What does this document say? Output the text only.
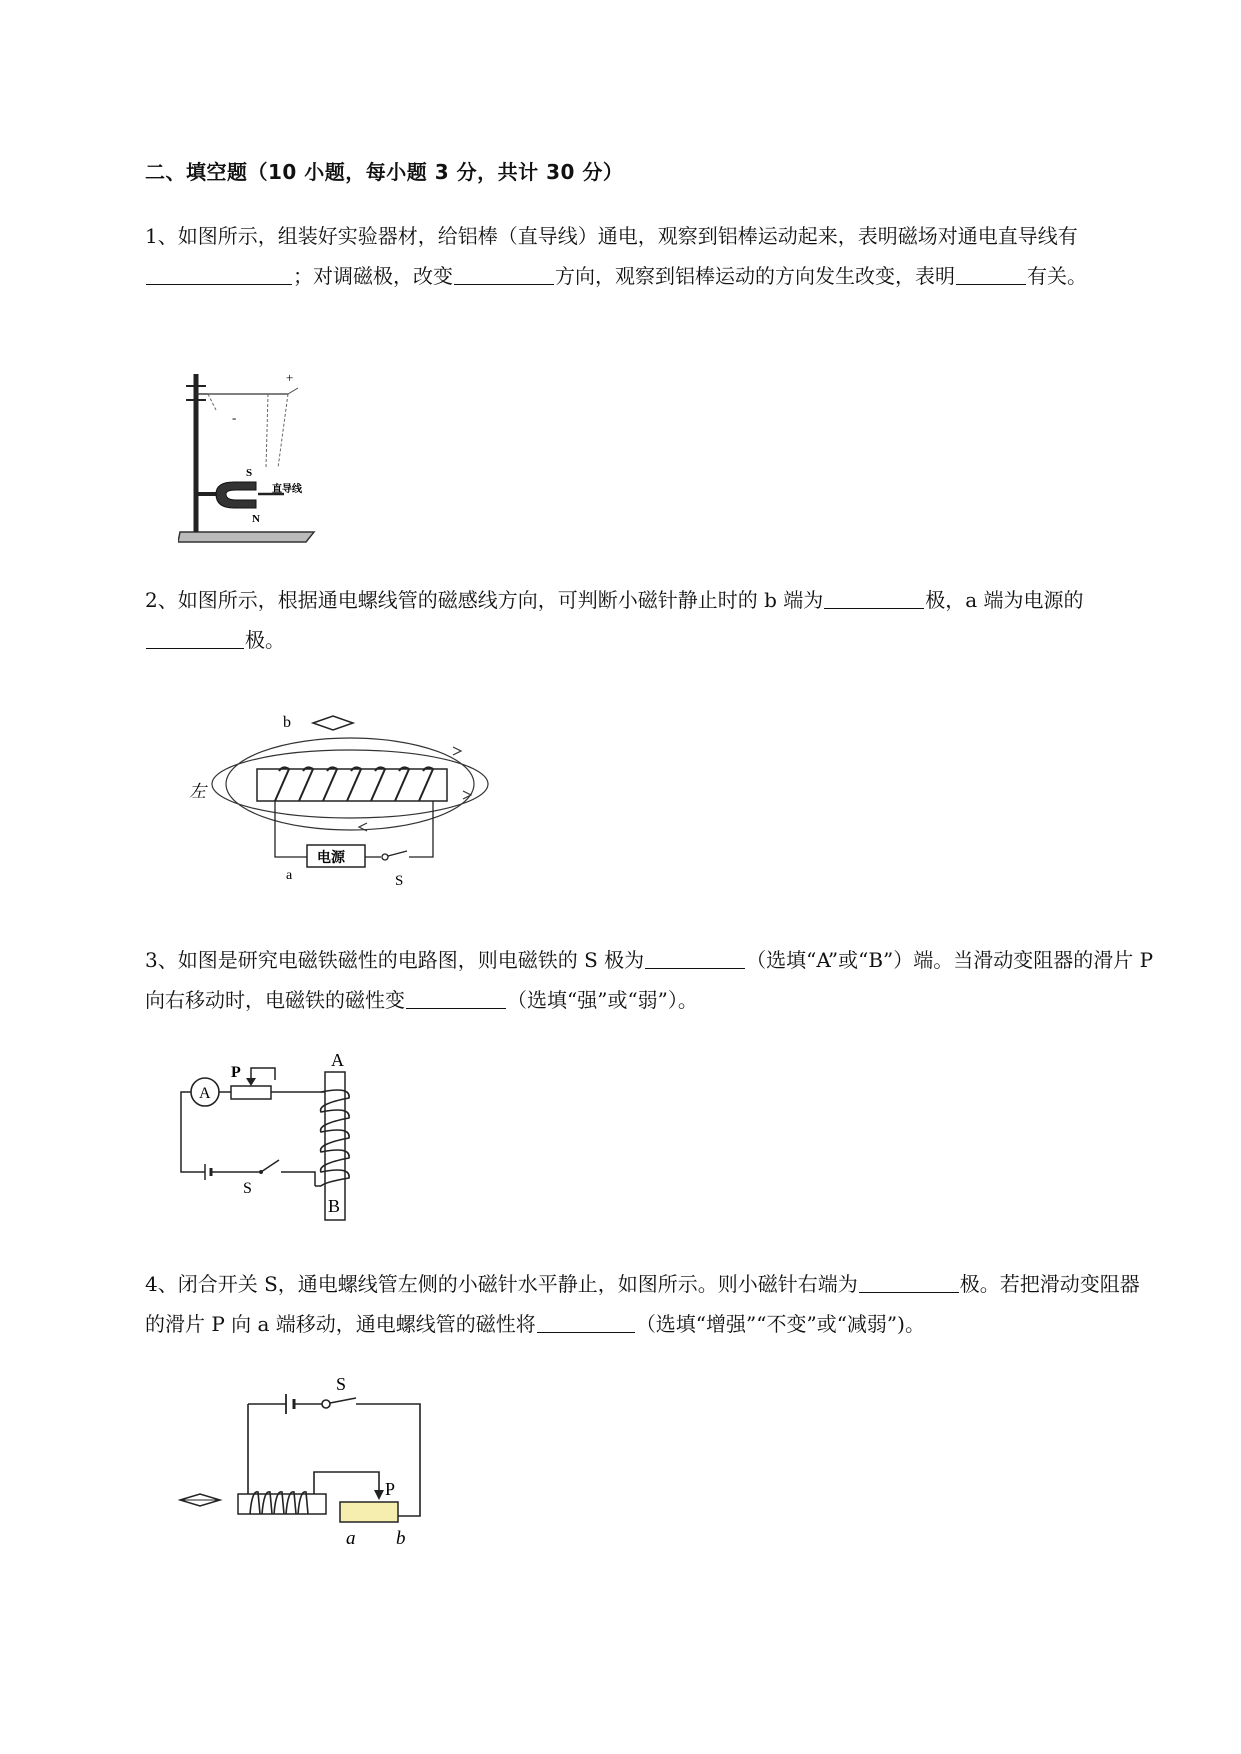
二、填空题（10 小题，每小题 3 分，共计 30 分）

1、如图所示，组装好实验器材，给铝棒（直导线）通电，观察到铝棒运动起来，表明磁场对通电直导线有；对调磁极，改变	方向，观察到铝棒运动的方向发生改变，表明	有关。

+
-
S
N
直导线

2、如图所示，根据通电螺线管的磁感线方向，可判断小磁针静止时的 b 端为	极，a 端为电源的极。

b
左
电源
a	S

3、如图是研究电磁铁磁性的电路图，则电磁铁的 S 极为	（选填“A”或“B”）端。当滑动变阻器的滑片 P 向右移动时，电磁铁的磁性变	（选填“强”或“弱”）。

A
P
A
B
S

4、闭合开关 S，通电螺线管左侧的小磁针水平静止，如图所示。则小磁针右端为	极。若把滑动变阻器的滑片 P 向 a 端移动，通电螺线管的磁性将	（选填“增强”“不变”或“减弱”)。

S
P
a b
